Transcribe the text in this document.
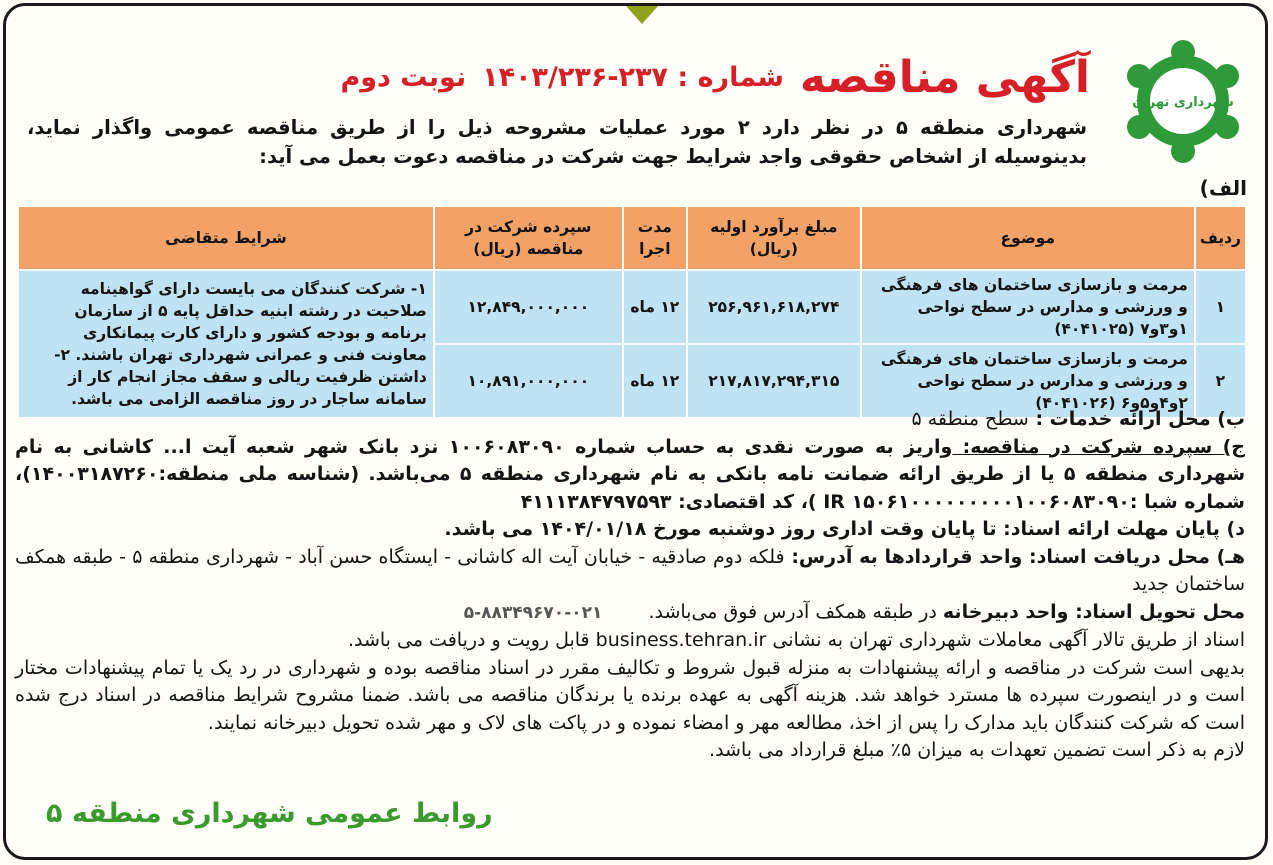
شهرداری تهران
آگهی مناقصه
شماره : ۲۳۷-۱۴۰۳/۲۳۶
نوبت دوم
شهرداری منطقه ۵ در نظر دارد ۲ مورد عملیات مشروحه ذیل را از طریق مناقصه عمومی واگذار نماید، بدینوسیله از اشخاص حقوقی واجد شرایط جهت شرکت در مناقصه دعوت بعمل می آید:
الف)
ردیف	موضوع	مبلغ برآورد اولیه (ریال)	مدت اجرا	سپرده شرکت در مناقصه (ریال)	شرایط متقاضی
۱	مرمت و بازسازی ساختمان های فرهنگی و ورزشی و مدارس در سطح نواحی ۱و۳و۷ (۴۰۴۱۰۲۵)	۲۵۶,۹۶۱,۶۱۸,۲۷۴	۱۲ ماه	۱۲,۸۴۹,۰۰۰,۰۰۰	۱- شرکت کنندگان می بایست دارای گواهینامه صلاحیت در رشته ابنیه حداقل پایه ۵ از سازمان برنامه و بودجه کشور و دارای کارت پیمانکاری معاونت فنی و عمرانی شهرداری تهران باشند. ۲- داشتن ظرفیت ریالی و سقف مجاز انجام کار از سامانه ساجار در روز مناقصه الزامی می باشد.
۲	مرمت و بازسازی ساختمان های فرهنگی و ورزشی و مدارس در سطح نواحی ۲و۴و۵و۶ (۴۰۴۱۰۲۶)	۲۱۷,۸۱۷,۲۹۴,۳۱۵	۱۲ ماه	۱۰,۸۹۱,۰۰۰,۰۰۰	

ب) محل ارائه خدمات : سطح منطقه ۵

ج) سپرده شرکت در مناقصه: واریز به صورت نقدی به حساب شماره ۱۰۰۶۰۸۳۰۹۰ نزد بانک شهر شعبه آیت ا... کاشانی به نام شهرداری منطقه ۵ یا از طریق ارائه ضمانت نامه بانکی به نام شهرداری منطقه ۵ می‌باشد. (شناسه ملی منطقه:۱۴۰۰۳۱۸۷۲۶۰)، شماره شبا :IR ۱۵۰۶۱۰۰۰۰۰۰۰۰۰۱۰۰۶۰۸۳۰۹۰ )، کد اقتصادی: ۴۱۱۱۳۸۴۷۹۷۵۹۳

د) پایان مهلت ارائه اسناد: تا پایان وقت اداری روز دوشنبه مورخ ۱۴۰۴/۰۱/۱۸ می باشد.

هـ) محل دریافت اسناد: واحد قراردادها به آدرس: فلکه دوم صادقیه - خیابان آیت اله کاشانی - ایستگاه حسن آباد - شهرداری منطقه ۵ - طبقه همکف ساختمان جدید

محل تحویل اسناد: واحد دبیرخانه در طبقه همکف آدرس فوق می‌باشد. ۰۲۱-۸۸۳۴۹۶۷۰-۵

اسناد از طریق تالار آگهی معاملات شهرداری تهران به نشانی business.tehran.ir قابل رویت و دریافت می باشد.

بدیهی است شرکت در مناقصه و ارائه پیشنهادات به منزله قبول شروط و تکالیف مقرر در اسناد مناقصه بوده و شهرداری در رد یک یا تمام پیشنهادات مختار است و در اینصورت سپرده ها مسترد خواهد شد. هزینه آگهی به عهده برنده یا برندگان مناقصه می باشد. ضمنا مشروح شرایط مناقصه در اسناد درج شده است که شرکت کنندگان باید مدارک را پس از اخذ، مطالعه مهر و امضاء نموده و در پاکت های لاک و مهر شده تحویل دبیرخانه نمایند.

لازم به ذکر است تضمین تعهدات به میزان ۵٪ مبلغ قرارداد می باشد.

روابط عمومی شهرداری منطقه ۵
